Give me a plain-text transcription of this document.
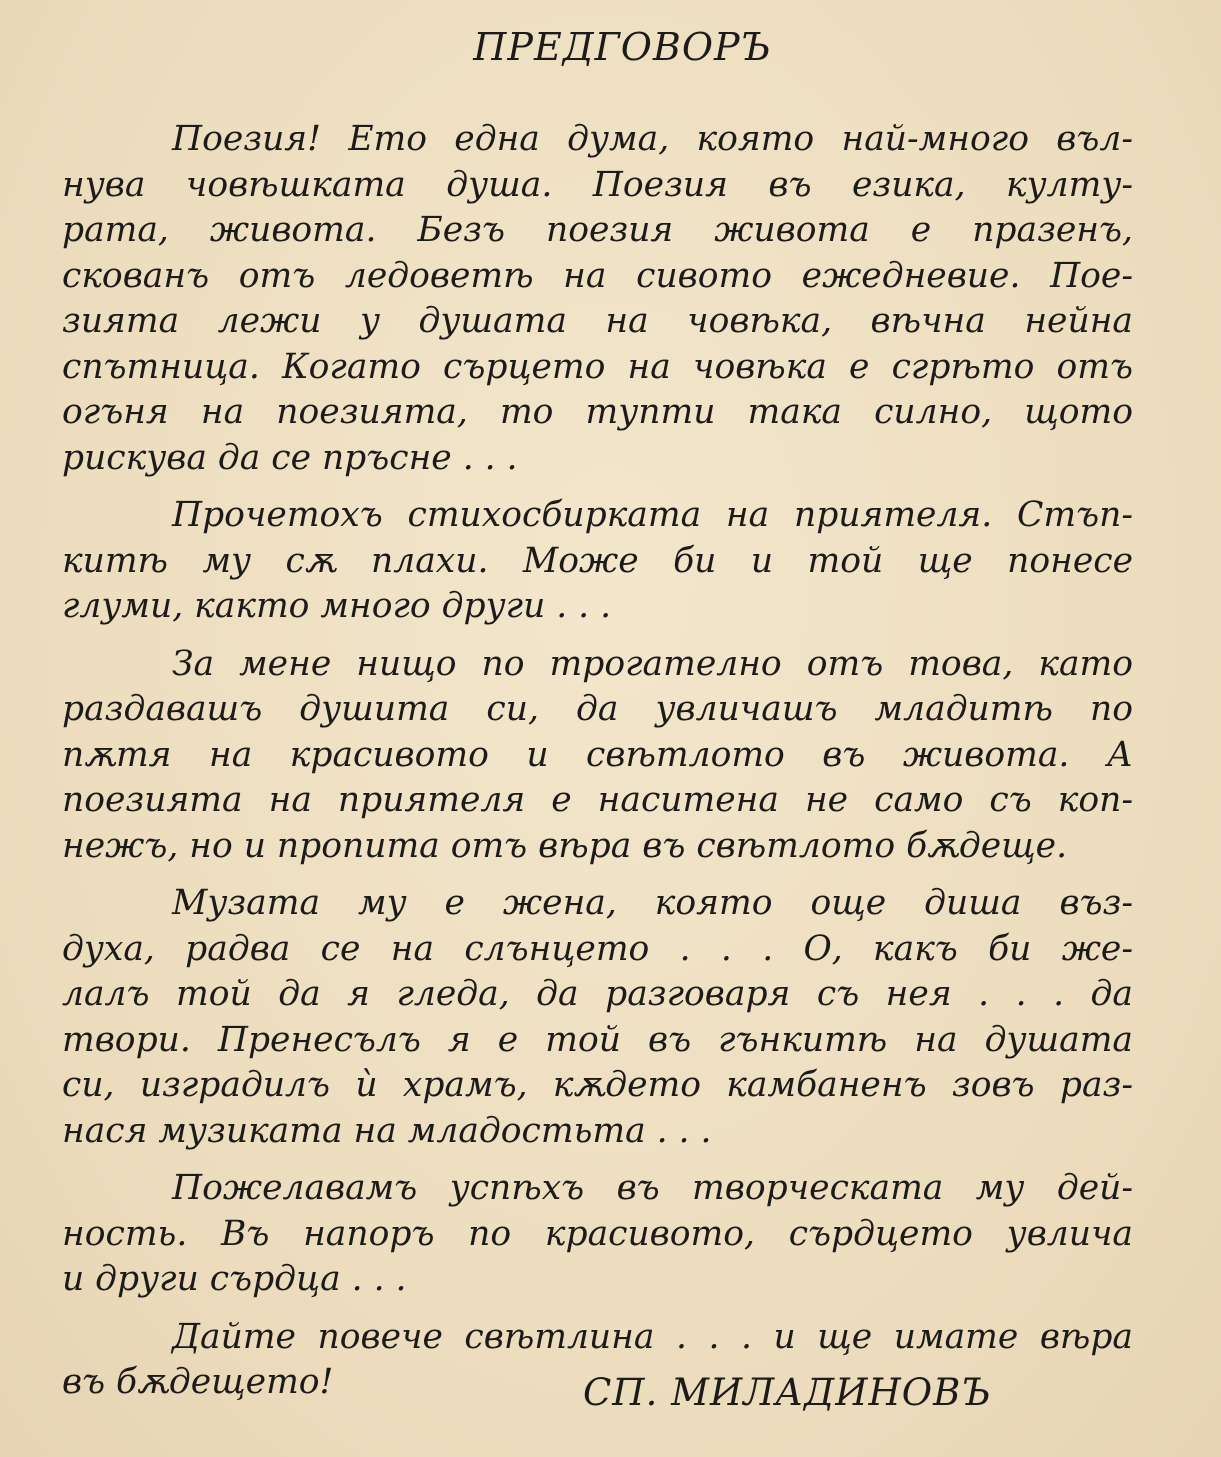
ПРЕДГОВОРЪ

Поезия! Ето една дума, която най-много въл-
нува човѣшката душа. Поезия въ езика, култу-
рата, живота. Безъ поезия живота е празенъ,
скованъ отъ ледоветѣ на сивото ежедневие. Пое-
зията лежи у душата на човѣка, вѣчна нейна
спътница. Когато сърцето на човѣка е сгрѣто отъ
огъня на поезията, то тупти така силно, щото
рискува да се пръсне . . .

Прочетохъ стихосбирката на приятеля. Стъп-
китѣ му сѫ плахи. Може би и той ще понесе
глуми, както много други . . .

За мене нищо по трогателно отъ това, като
раздавашъ душита си, да увличашъ младитѣ по
пѫтя на красивото и свѣтлото въ живота. А
поезията на приятеля е наситена не само съ коп-
нежъ, но и пропита отъ вѣра въ свѣтлото бѫдеще.

Музата му е жена, която още диша въз-
духа, радва се на слънцето . . . О, какъ би же-
лалъ той да я гледа, да разговаря съ нея . . . да
твори. Пренесълъ я е той въ гънкитѣ на душата
си, изградилъ ѝ храмъ, кѫдето камбаненъ зовъ раз-
нася музиката на младостьта . . .

Пожелавамъ успѣхъ въ творческата му дей-
ность. Въ напоръ по красивото, сърдцето увлича
и други сърдца . . .

Дайте повече свѣтлина . . . и ще имате вѣра
въ бѫдещето!	СП. МИЛАДИНОВЪ
